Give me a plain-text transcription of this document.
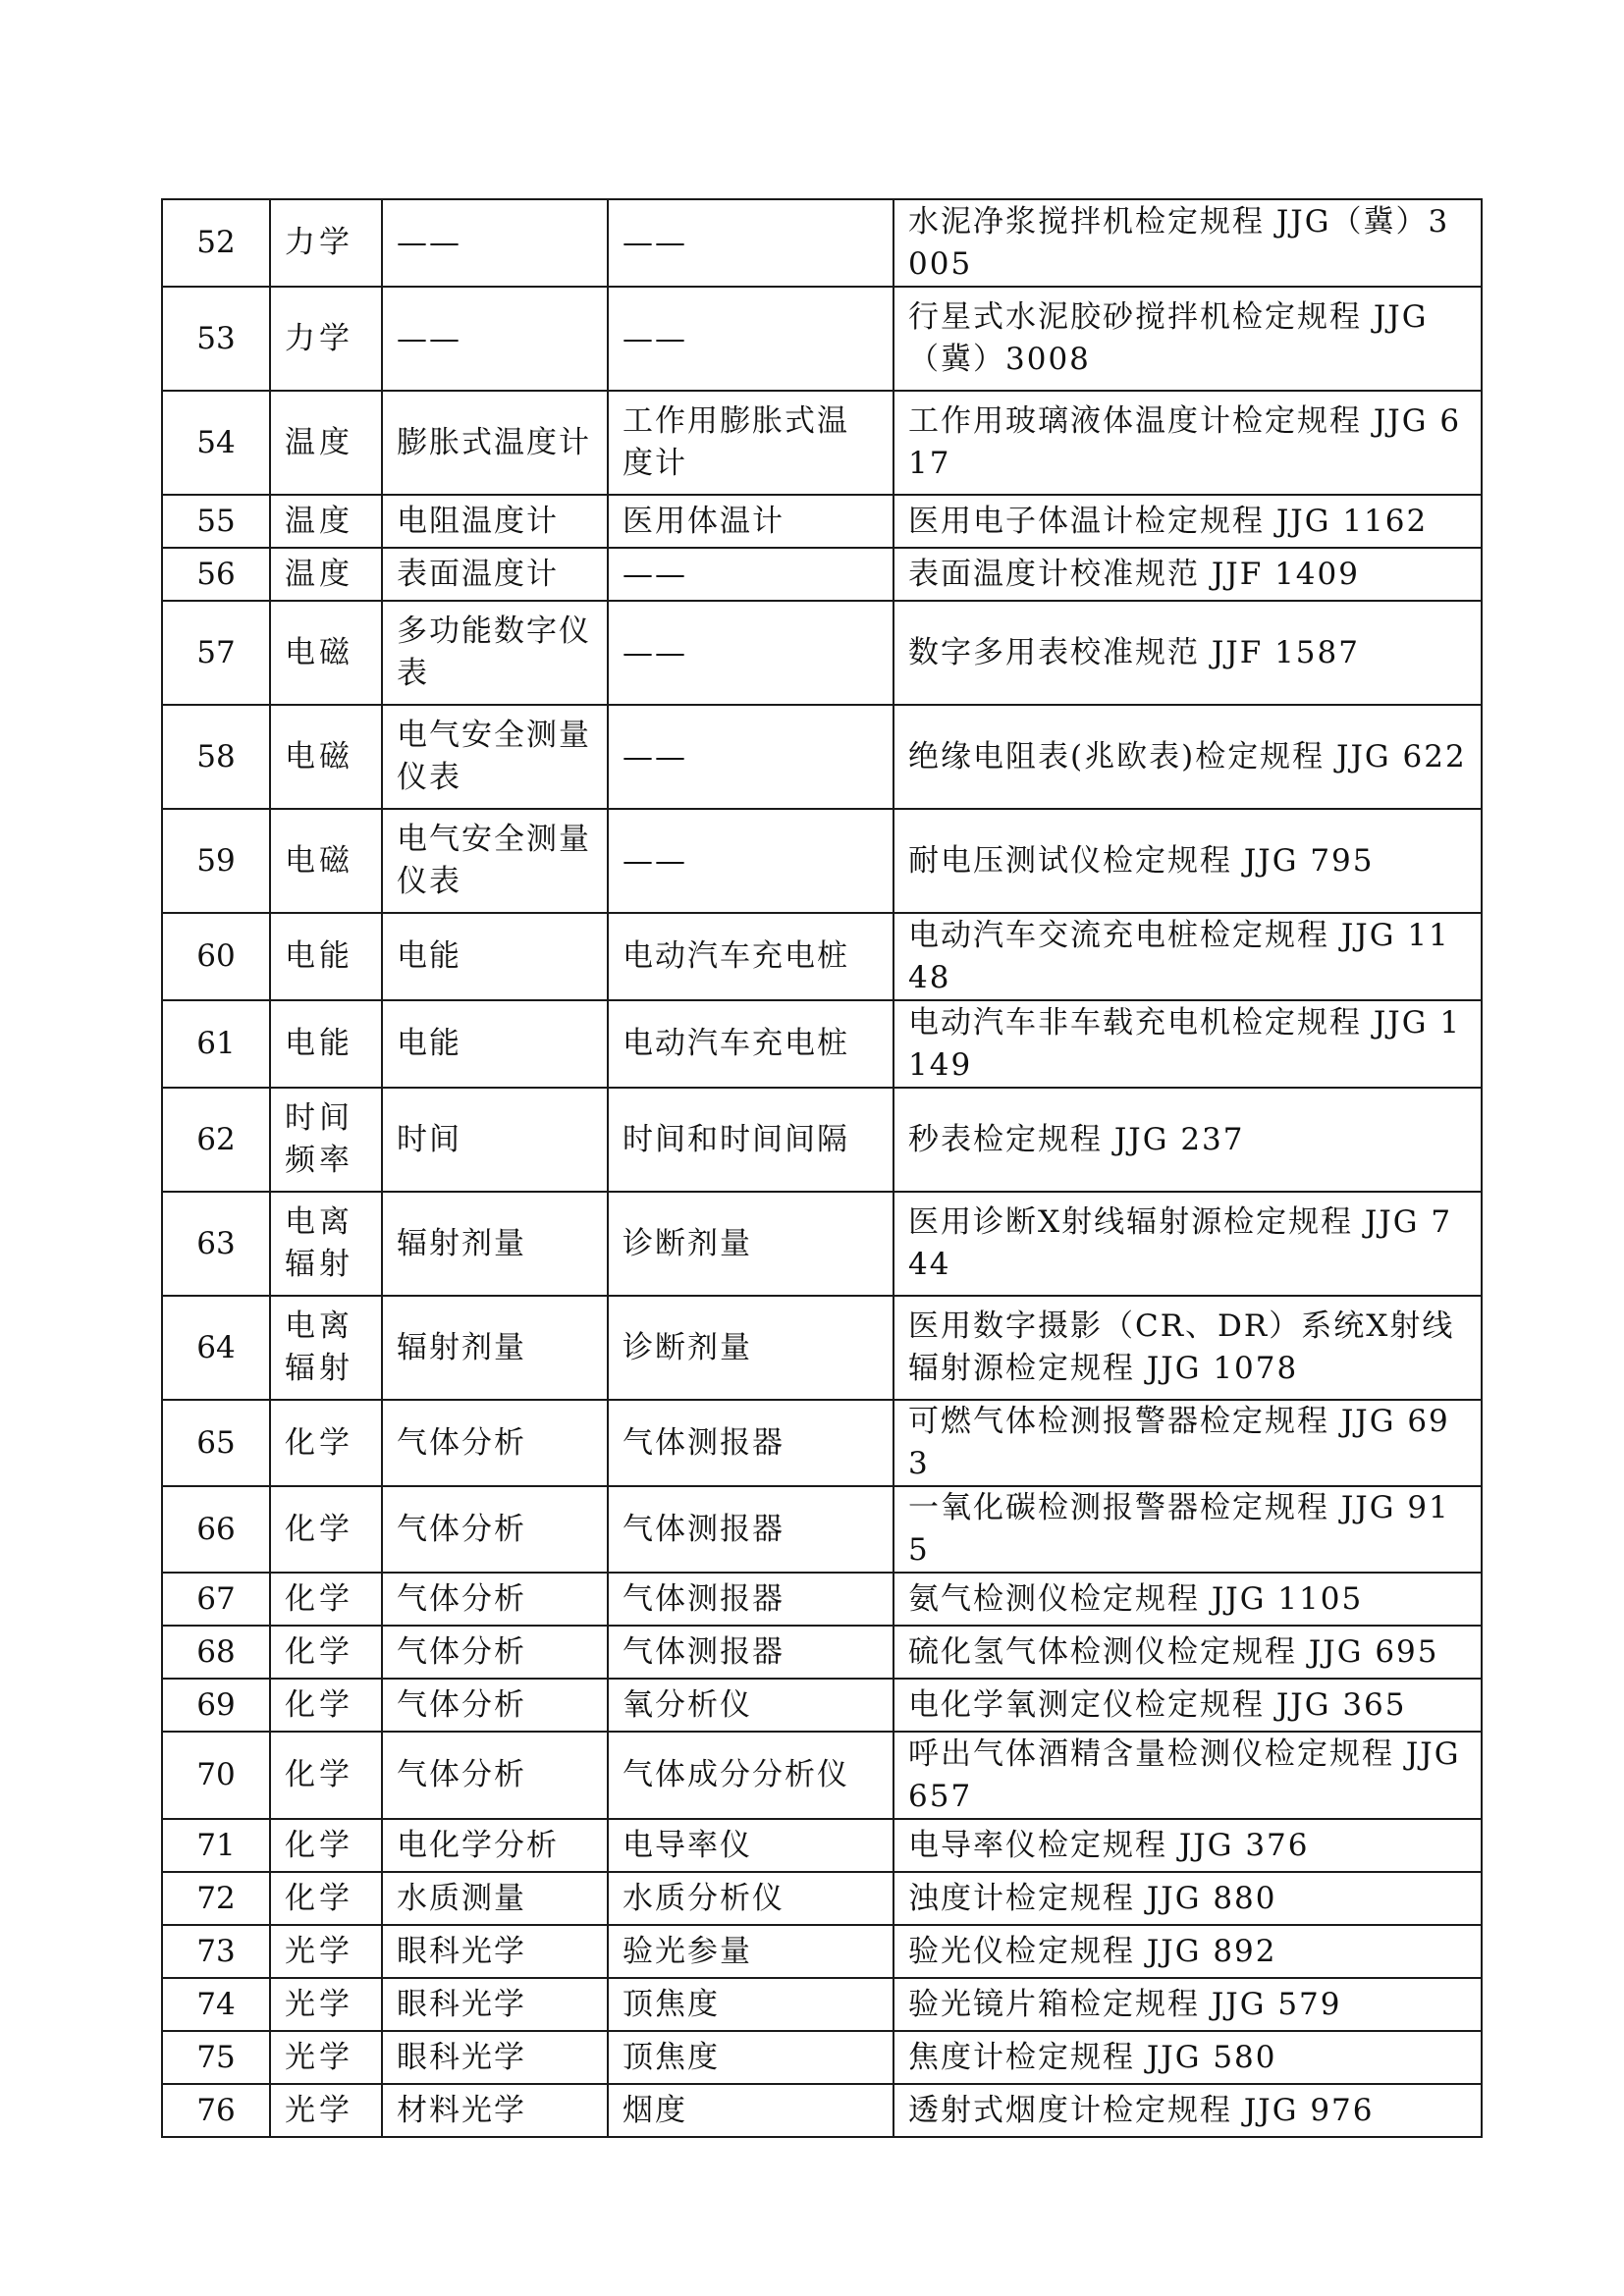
52	力学	——	——	水泥净浆搅拌机检定规程 JJG（冀）3005
53	力学	——	——	行星式水泥胶砂搅拌机检定规程 JJG（冀）3008
54	温度	膨胀式温度计	工作用膨胀式温度计	工作用玻璃液体温度计检定规程 JJG 617
55	温度	电阻温度计	医用体温计	医用电子体温计检定规程 JJG 1162
56	温度	表面温度计	——	表面温度计校准规范 JJF 1409
57	电磁	多功能数字仪表	——	数字多用表校准规范 JJF 1587
58	电磁	电气安全测量仪表	——	绝缘电阻表(兆欧表)检定规程 JJG 622
59	电磁	电气安全测量仪表	——	耐电压测试仪检定规程 JJG 795
60	电能	电能	电动汽车充电桩	电动汽车交流充电桩检定规程 JJG 1148
61	电能	电能	电动汽车充电桩	电动汽车非车载充电机检定规程 JJG 1149
62	时间频率	时间	时间和时间间隔	秒表检定规程 JJG 237
63	电离辐射	辐射剂量	诊断剂量	医用诊断X射线辐射源检定规程 JJG 744
64	电离辐射	辐射剂量	诊断剂量	医用数字摄影（CR、DR）系统X射线辐射源检定规程 JJG 1078
65	化学	气体分析	气体测报器	可燃气体检测报警器检定规程 JJG 693
66	化学	气体分析	气体测报器	一氧化碳检测报警器检定规程 JJG 915
67	化学	气体分析	气体测报器	氨气检测仪检定规程 JJG 1105
68	化学	气体分析	气体测报器	硫化氢气体检测仪检定规程 JJG 695
69	化学	气体分析	氧分析仪	电化学氧测定仪检定规程 JJG 365
70	化学	气体分析	气体成分分析仪	呼出气体酒精含量检测仪检定规程 JJG 657
71	化学	电化学分析	电导率仪	电导率仪检定规程 JJG 376
72	化学	水质测量	水质分析仪	浊度计检定规程 JJG 880
73	光学	眼科光学	验光参量	验光仪检定规程 JJG 892
74	光学	眼科光学	顶焦度	验光镜片箱检定规程 JJG 579
75	光学	眼科光学	顶焦度	焦度计检定规程 JJG 580
76	光学	材料光学	烟度	透射式烟度计检定规程 JJG 976
